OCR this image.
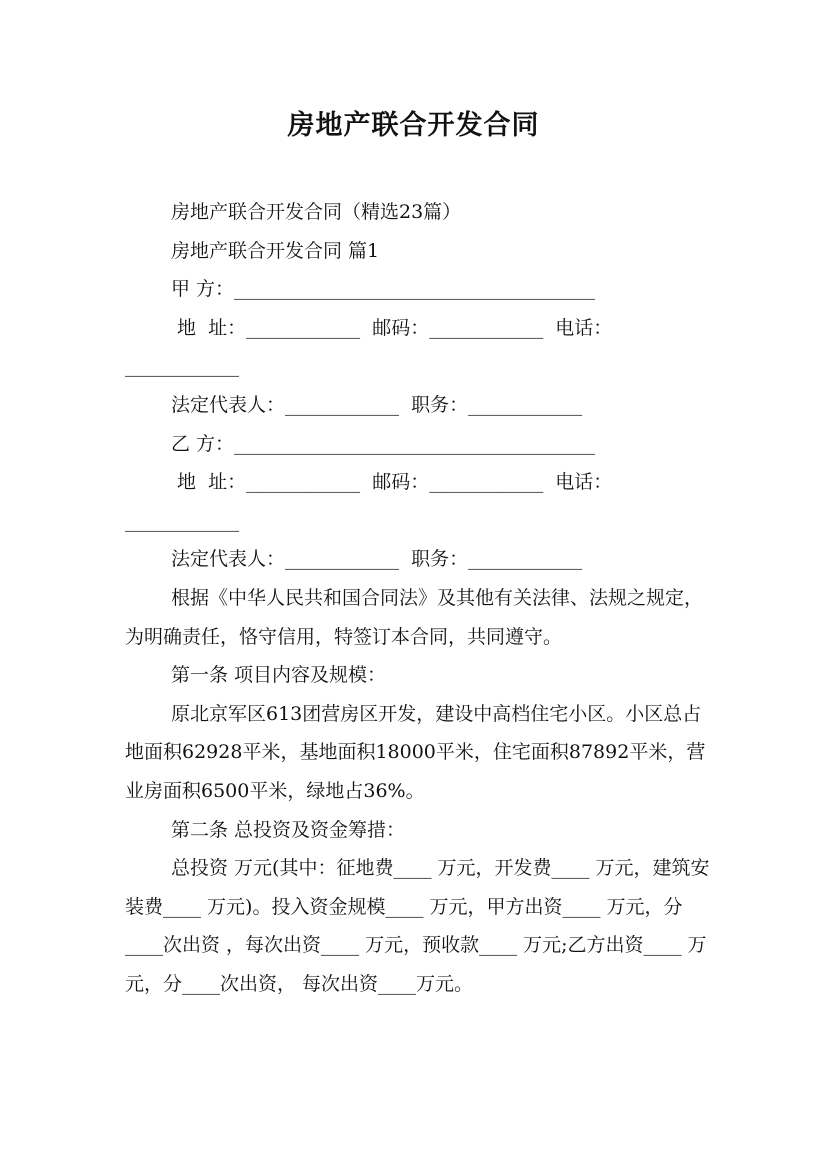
房地产联合开发合同

房地产联合开发合同（精选23篇）

房地产联合开发合同 篇1

甲 方：______________________________________

地  址：____________  邮码：____________  电话：____________

法定代表人：____________  职务：____________

乙 方：______________________________________

地  址：____________  邮码：____________  电话：____________

法定代表人：____________  职务：____________

根据《中华人民共和国合同法》及其他有关法律、法规之规定，为明确责任，恪守信用，特签订本合同，共同遵守。

第一条 项目内容及规模：

原北京军区613团营房区开发，建设中高档住宅小区。小区总占地面积62928平米，基地面积18000平米，住宅面积87892平米，营业房面积6500平米，绿地占36%。

第二条 总投资及资金筹措：

总投资 万元(其中：征地费____ 万元，开发费____ 万元，建筑安装费____ 万元)。投入资金规模____ 万元，甲方出资____ 万元，分____次出资 ，每次出资____ 万元，预收款____ 万元;乙方出资____ 万元，分____次出资， 每次出资____万元。
